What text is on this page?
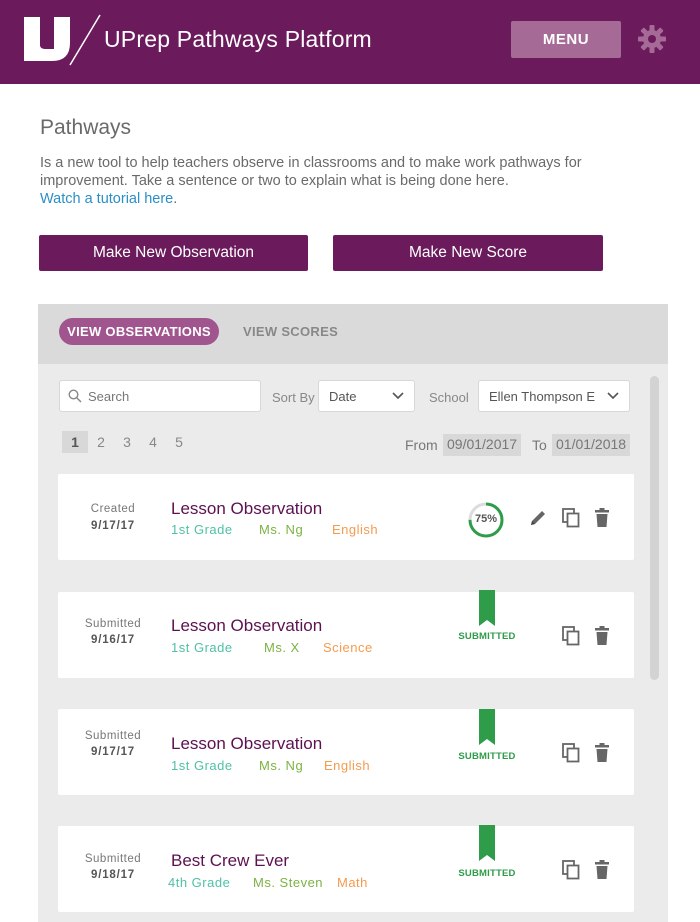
UPrep Pathways Platform	MENU
Pathways
Is a new tool to help teachers observe in classrooms and to make work pathways for improvement. Take a sentence or two to explain what is being done here.
Watch a tutorial here.
Make New Observation	Make New Score
VIEW OBSERVATIONS	VIEW SCORES
Search	Sort By Date	School Ellen Thompson E
1	2	3	4	5	From 09/01/2017 To 01/01/2018
Created
9/17/17
Lesson Observation
1st Grade Ms. Ng English
75%
Submitted
9/16/17
Lesson Observation
1st Grade Ms. X Science
SUBMITTED
Submitted
9/17/17	Lesson Observation
1st Grade Ms. Ng English
SUBMITTED
Submitted
9/18/17
Best Crew Ever
4th Grade Ms. Steven Math
SUBMITTED
